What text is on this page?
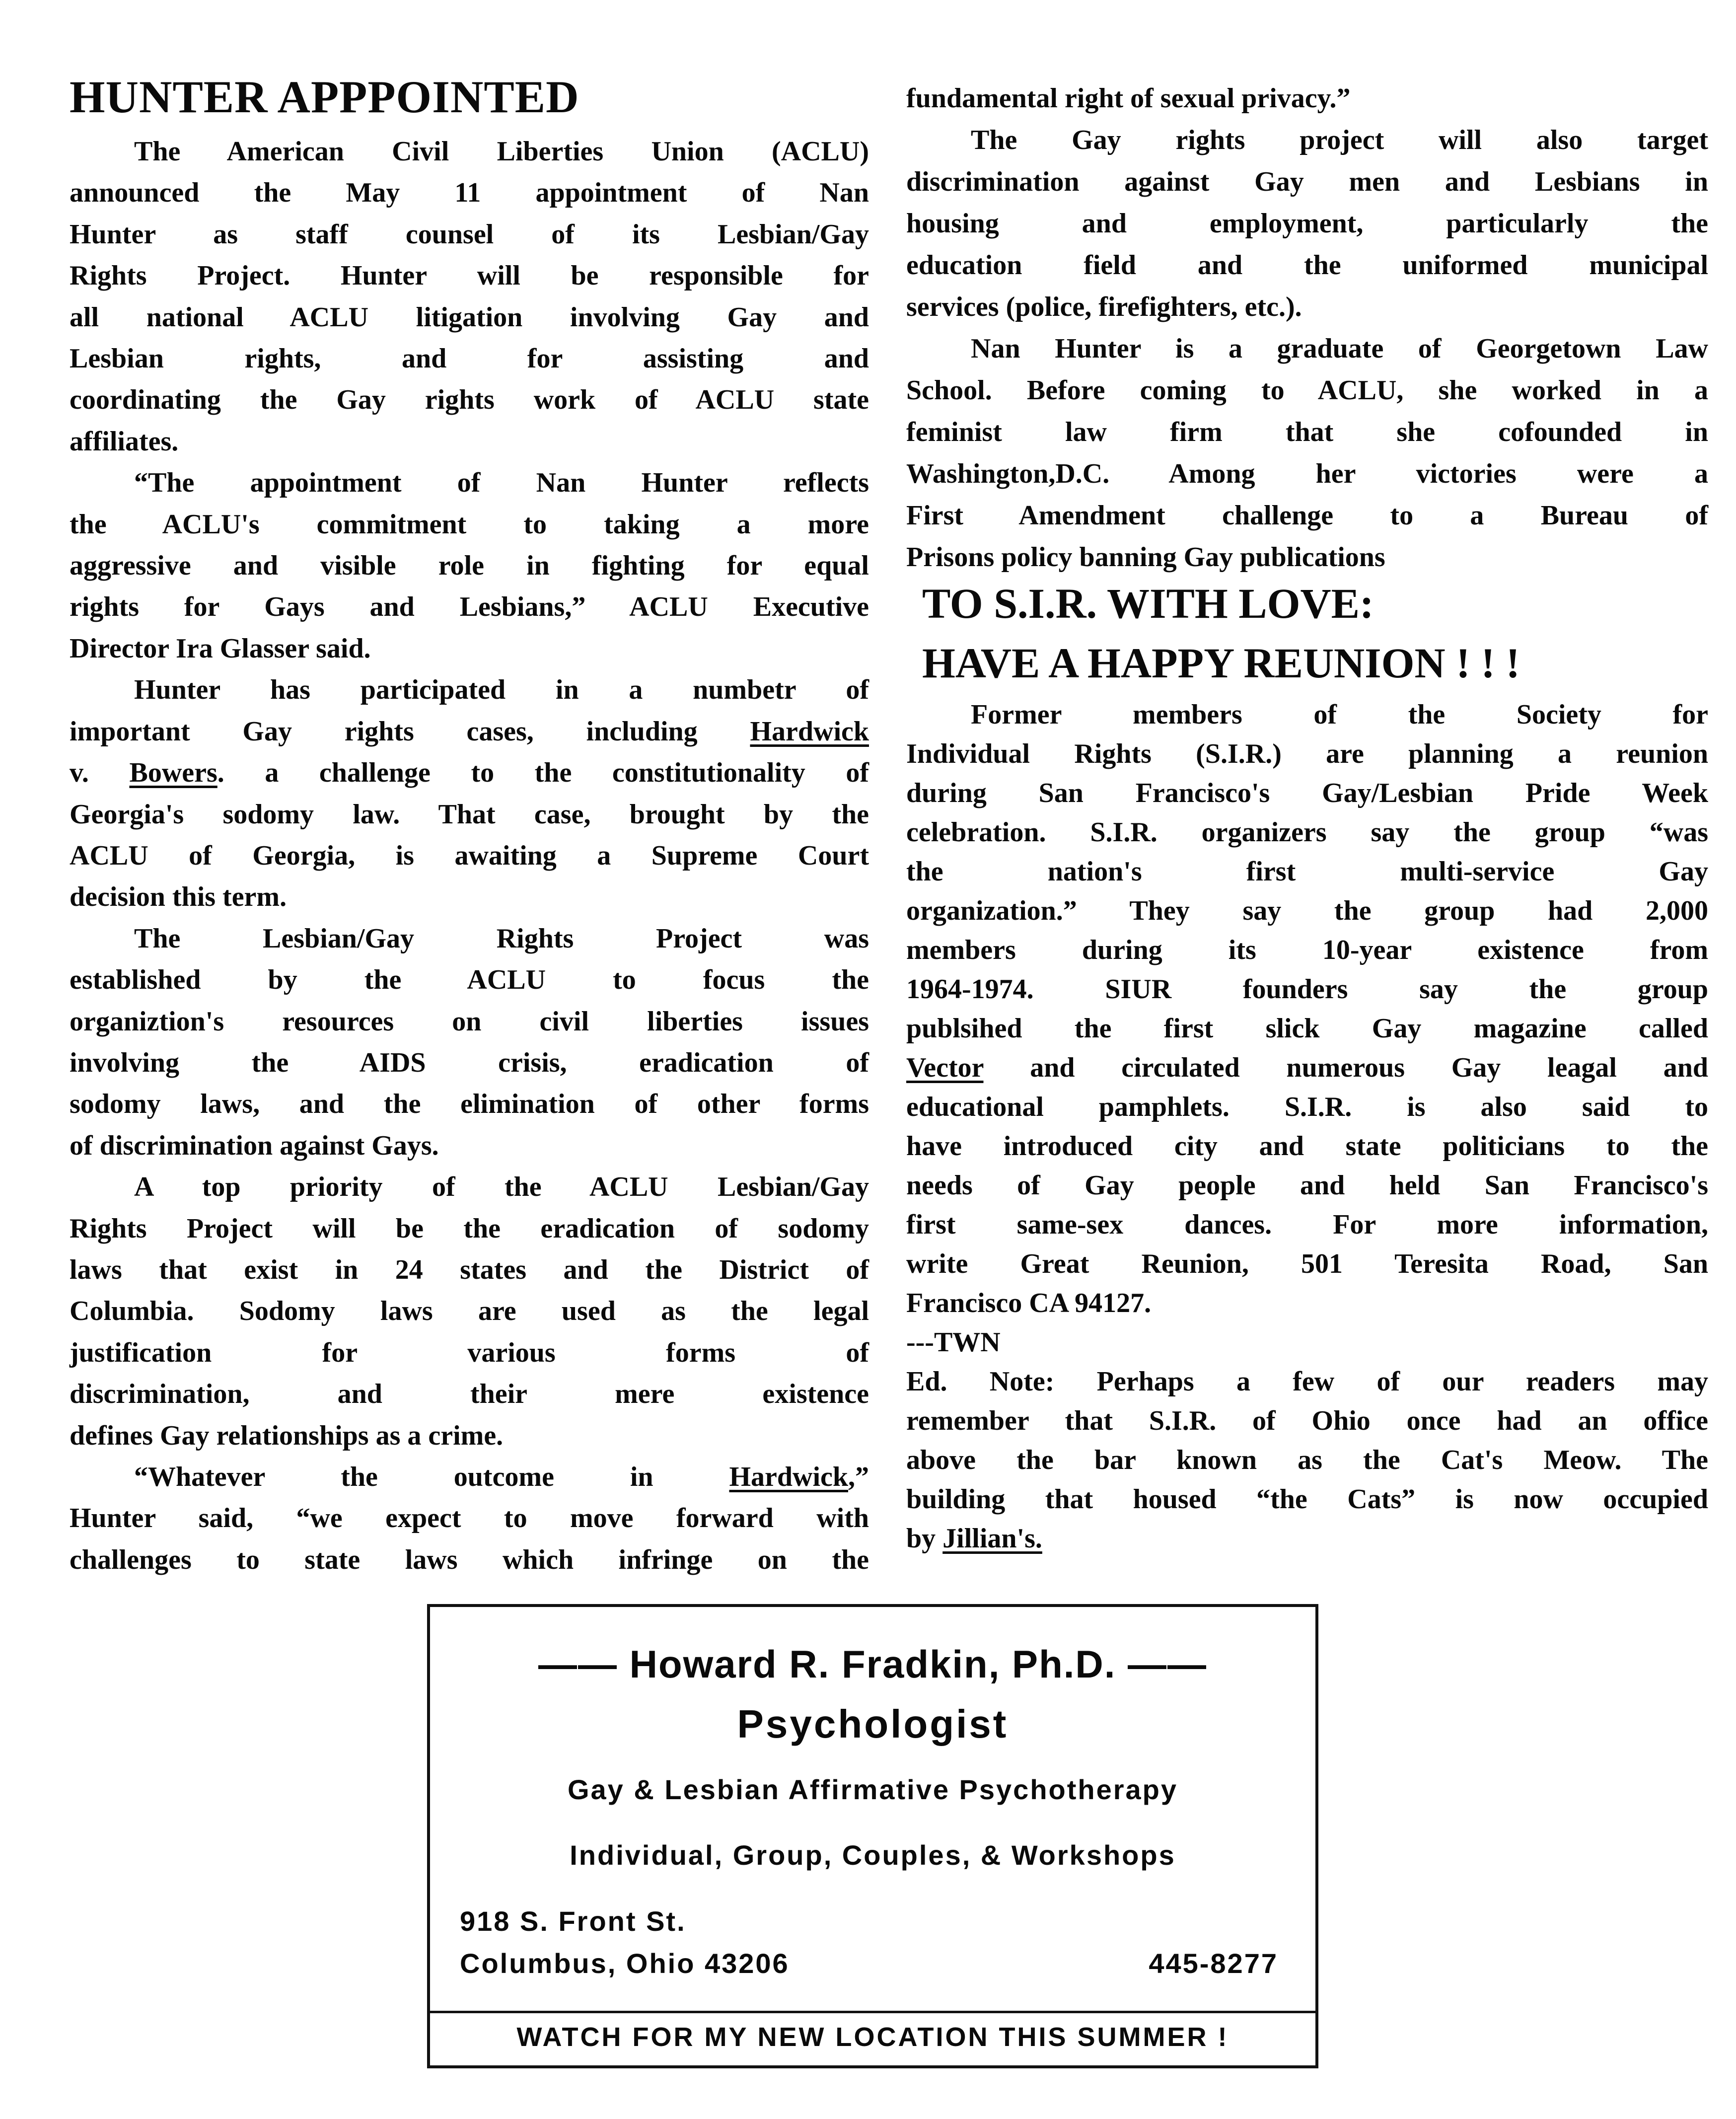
HUNTER APPPOINTED
The American Civil Liberties Union (ACLU)
announced the May 11 appointment of Nan
Hunter as staff counsel of its Lesbian/Gay
Rights Project. Hunter will be responsible for
all national ACLU litigation involving Gay and
Lesbian rights, and for assisting and
coordinating the Gay rights work of ACLU state
affiliates.
“The appointment of Nan Hunter reflects
the ACLU's commitment to taking a more
aggressive and visible role in fighting for equal
rights for Gays and Lesbians,” ACLU Executive
Director Ira Glasser said.
Hunter has participated in a numbetr of
important Gay rights cases, including Hardwick
v. Bowers. a challenge to the constitutionality of
Georgia's sodomy law. That case, brought by the
ACLU of Georgia, is awaiting a Supreme Court
decision this term.
The Lesbian/Gay Rights Project was
established by the ACLU to focus the
organiztion's resources on civil liberties issues
involving the AIDS crisis, eradication of
sodomy laws, and the elimination of other forms
of discrimination against Gays.
A top priority of the ACLU Lesbian/Gay
Rights Project will be the eradication of sodomy
laws that exist in 24 states and the District of
Columbia. Sodomy laws are used as the legal
justification for various forms of
discrimination, and their mere existence
defines Gay relationships as a crime.
“Whatever the outcome in Hardwick,”
Hunter said, “we expect to move forward with
challenges to state laws which infringe on the
fundamental right of sexual privacy.”
The Gay rights project will also target
discrimination against Gay men and Lesbians in
housing and employment, particularly the
education field and the uniformed municipal
services (police, firefighters, etc.).
Nan Hunter is a graduate of Georgetown Law
School. Before coming to ACLU, she worked in a
feminist law firm that she cofounded in
Washington,D.C. Among her victories were a
First Amendment challenge to a Bureau of
Prisons policy banning Gay publications
TO S.I.R. WITH LOVE:
HAVE A HAPPY REUNION ! ! !
Former members of the Society for
Individual Rights (S.I.R.) are planning a reunion
during San Francisco's Gay/Lesbian Pride Week
celebration. S.I.R. organizers say the group “was
the nation's first multi-service Gay
organization.” They say the group had 2,000
members during its 10-year existence from
1964-1974. SIUR founders say the group
publsihed the first slick Gay magazine called
Vector and circulated numerous Gay leagal and
educational pamphlets. S.I.R. is also said to
have introduced city and state politicians to the
needs of Gay people and held San Francisco's
first same-sex dances. For more information,
write Great Reunion, 501 Teresita Road, San
Francisco CA 94127.
---TWN
Ed. Note: Perhaps a few of our readers may
remember that S.I.R. of Ohio once had an office
above the bar known as the Cat's Meow. The
building that housed “the Cats” is now occupied
by Jillian's.
—— Howard R. Fradkin, Ph.D. ——
Psychologist
Gay & Lesbian Affirmative Psychotherapy
Individual, Group, Couples, & Workshops
918 S. Front St.
Columbus, Ohio 43206	445-8277
WATCH FOR MY NEW LOCATION THIS SUMMER !
